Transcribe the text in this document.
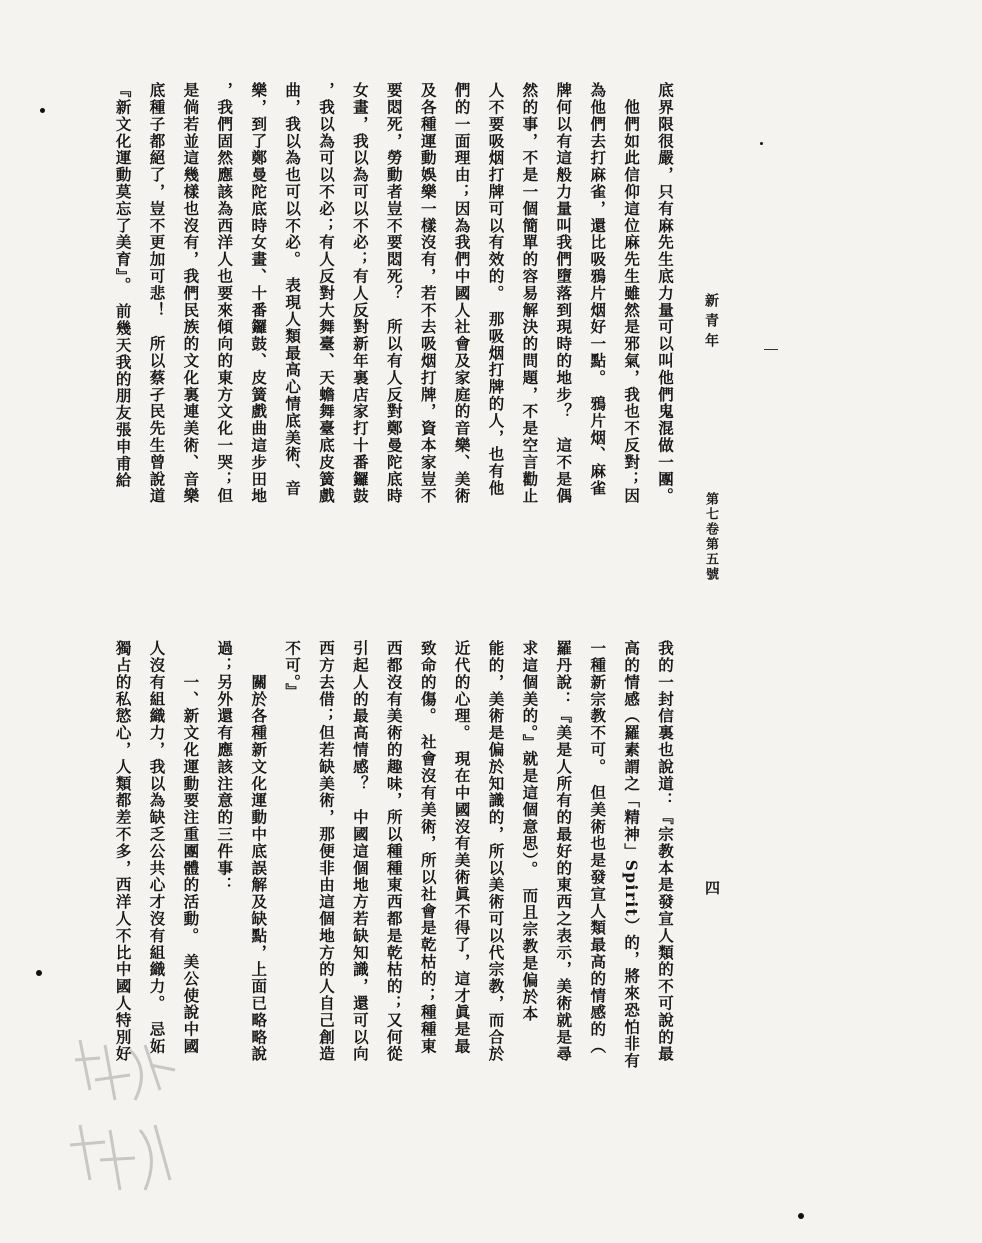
新青年
第七卷第五號
四
我的一封信裏也說道：『宗教本是發宣人類的不可說的最
高的情感（羅素謂之「精神」Spirit）的，將來恐怕非有
一種新宗教不可。　但美術也是發宣人類最高的情感的（
羅丹說：『美是人所有的最好的東西之表示，美術就是尋
求這個美的。』就是這個意思）。　而且宗教是偏於本
能的，美術是偏於知識的，所以美術可以代宗教，而合於
近代的心理。　現在中國沒有美術眞不得了，這才眞是最
致命的傷。　社會沒有美術，所以社會是乾枯的；種種東
西都沒有美術的趣味，所以種種東西都是乾枯的；又何從
引起人的最高情感？　中國這個地方若缺知識，還可以向
西方去借；但若缺美術，那便非由這個地方的人自己創造
不可。』
　　關於各種新文化運動中底誤解及缺點，上面已略略說
過；另外還有應該注意的三件事：
　　一、新文化運動要注重團體的活動。　美公使說中國
人沒有組織力，我以為缺乏公共心才沒有組織力。　忌妬
獨占的私慾心，人類都差不多，西洋人不比中國人特別好
底界限很嚴，只有麻先生底力量可以叫他們鬼混做一團。
　他們如此信仰這位麻先生雖然是邪氣，我也不反對；因
為他們去打麻雀，還比吸鴉片烟好一點。　鴉片烟、麻雀
牌何以有這般力量叫我們墮落到現時的地步？　這不是偶
然的事，不是一個簡單的容易解決的問題，不是空言勸止
人不要吸烟打牌可以有效的。　那吸烟打牌的人，也有他
們的一面理由；因為我們中國人社會及家庭的音樂、美術
及各種運動娛樂一樣沒有，若不去吸烟打牌，資本家豈不
要悶死，勞動者豈不要悶死？　所以有人反對鄭曼陀底時
女畫，我以為可以不必；有人反對新年裏店家打十番鑼鼓
，我以為可以不必；有人反對大舞臺、天蟾舞臺底皮簧戲
曲，我以為也可以不必。　表現人類最高心情底美術、音
樂，到了鄭曼陀底時女畫、十番鑼鼓、皮簧戲曲這步田地
，我們固然應該為西洋人也要來傾向的東方文化一哭；但
是倘若並這幾樣也沒有，我們民族的文化裏連美術、音樂
底種子都絕了，豈不更加可悲！　所以蔡孑民先生曾說道
『新文化運動莫忘了美育』。　前幾天我的朋友張申甫給
